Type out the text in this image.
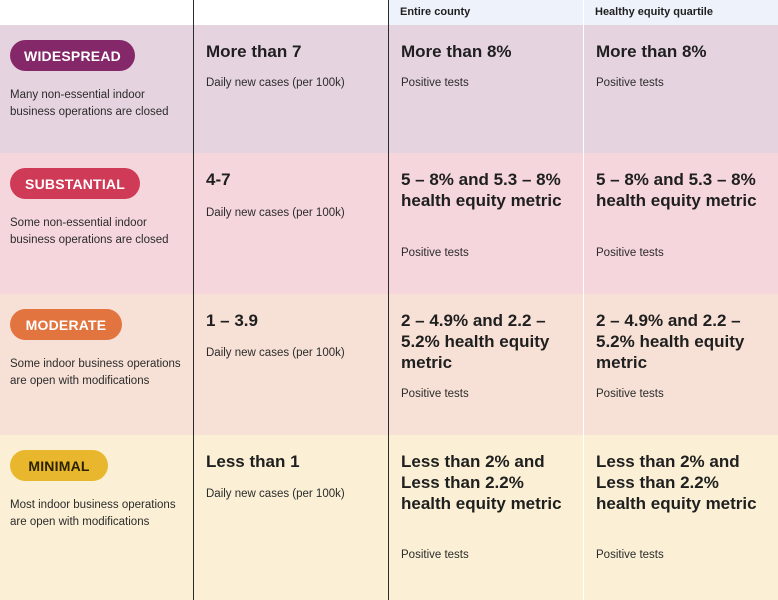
Entire county	Healthy equity quartile
WIDESPREAD
Many non-essential indoor business operations are closed
More than 7
Daily new cases (per 100k)
More than 8%
Positive tests
More than 8%
Positive tests
SUBSTANTIAL
Some non-essential indoor business operations are closed
4-7
Daily new cases (per 100k)
5 – 8% and 5.3 – 8% health equity metric
Positive tests
5 – 8% and 5.3 – 8% health equity metric
Positive tests
MODERATE
Some indoor business operations are open with modifications
1 – 3.9
Daily new cases (per 100k)
2 – 4.9% and 2.2 – 5.2% health equity metric
Positive tests
2 – 4.9% and 2.2 – 5.2% health equity metric
Positive tests
MINIMAL
Most indoor business operations are open with modifications
Less than 1
Daily new cases (per 100k)
Less than 2% and Less than 2.2% health equity metric
Positive tests
Less than 2% and Less than 2.2% health equity metric
Positive tests
